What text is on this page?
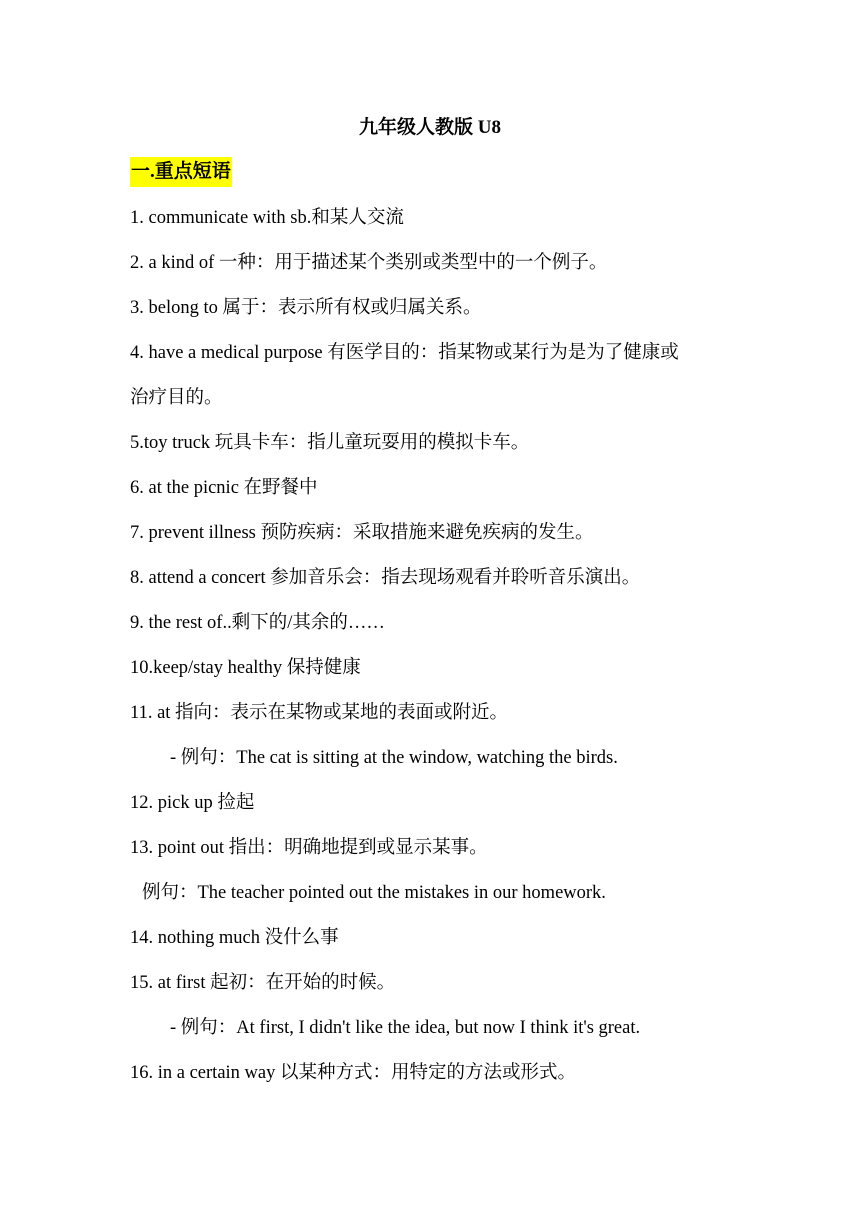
九年级人教版 U8
一.重点短语

1. communicate with sb.和某人交流

2. a kind of 一种：用于描述某个类别或类型中的一个例子。

3. belong to 属于：表示所有权或归属关系。

4. have a medical purpose 有医学目的：指某物或某行为是为了健康或

治疗目的。

5.toy truck 玩具卡车：指儿童玩耍用的模拟卡车。

6. at the picnic 在野餐中

7. prevent illness 预防疾病：采取措施来避免疾病的发生。

8. attend a concert 参加音乐会：指去现场观看并聆听音乐演出。

9. the rest of..剩下的/其余的……

10.keep/stay healthy 保持健康

11. at 指向：表示在某物或某地的表面或附近。

- 例句：The cat is sitting at the window, watching the birds.

12. pick up 捡起

13. point out 指出：明确地提到或显示某事。

例句：The teacher pointed out the mistakes in our homework.

14. nothing much 没什么事

15. at first 起初：在开始的时候。

- 例句：At first, I didn't like the idea, but now I think it's great.

16. in a certain way 以某种方式：用特定的方法或形式。
